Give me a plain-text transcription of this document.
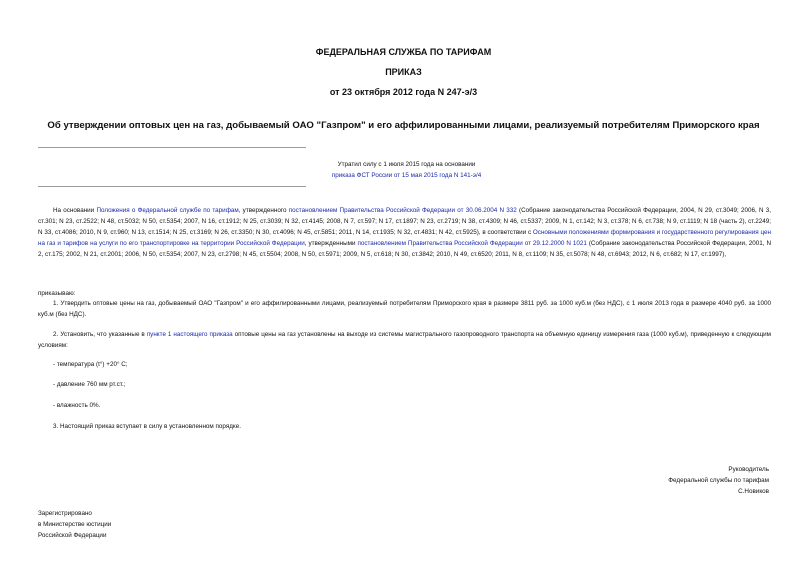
ФЕДЕРАЛЬНАЯ СЛУЖБА ПО ТАРИФАМ
ПРИКАЗ
от 23 октября 2012 года N 247-э/3
Об утверждении оптовых цен на газ, добываемый ОАО "Газпром" и его аффилированными лицами, реализуемый потребителям Приморского края
Утратил силу с 1 июля 2015 года на основании
приказа ФСТ России от 15 мая 2015 года N 141-э/4
На основании Положения о Федеральной службе по тарифам, утвержденного постановлением Правительства Российской Федерации от 30.06.2004 N 332 (Собрание законодательства Российской Федерации, 2004, N 29, ст.3049; 2006, N 3, ст.301; N 23, ст.2522; N 48, ст.5032; N 50, ст.5354; 2007, N 16, ст.1912; N 25, ст.3039; N 32, ст.4145; 2008, N 7, ст.597; N 17, ст.1897; N 23, ст.2719; N 38, ст.4309; N 46, ст.5337; 2009, N 1, ст.142; N 3, ст.378; N 6, ст.738; N 9, ст.1119; N 18 (часть 2), ст.2249; N 33, ст.4086; 2010, N 9, ст.960; N 13, ст.1514; N 25, ст.3169; N 26, ст.3350; N 30, ст.4096; N 45, ст.5851; 2011, N 14, ст.1935; N 32, ст.4831; N 42, ст.5925), в соответствии с Основными положениями формирования и государственного регулирования цен на газ и тарифов на услуги по его транспортировке на территории Российской Федерации, утвержденными постановлением Правительства Российской Федерации от 29.12.2000 N 1021 (Собрание законодательства Российской Федерации, 2001, N 2, ст.175; 2002, N 21, ст.2001; 2006, N 50, ст.5354; 2007, N 23, ст.2798; N 45, ст.5504; 2008, N 50, ст.5971; 2009, N 5, ст.618; N 30, ст.3842; 2010, N 49, ст.6520; 2011, N 8, ст.1109; N 35, ст.5078; N 48, ст.6943; 2012, N 6, ст.682; N 17, ст.1997),
приказываю:
1. Утвердить оптовые цены на газ, добываемый ОАО "Газпром" и его аффилированными лицами, реализуемый потребителям Приморского края в размере 3811 руб. за 1000 куб.м (без НДС), с 1 июля 2013 года в размере 4040 руб. за 1000 куб.м (без НДС).
2. Установить, что указанные в пункте 1 настоящего приказа оптовые цены на газ установлены на выходе из системы магистрального газопроводного транспорта на объемную единицу измерения газа (1000 куб.м), приведенную к следующим условиям:
- температура (t°) +20° С;
- давление 760 мм рт.ст.;
- влажность 0%.
3. Настоящий приказ вступает в силу в установленном порядке.
Руководитель
Федеральной службы по тарифам
С.Новиков
Зарегистрировано
в Министерстве юстиции
Российской Федерации
